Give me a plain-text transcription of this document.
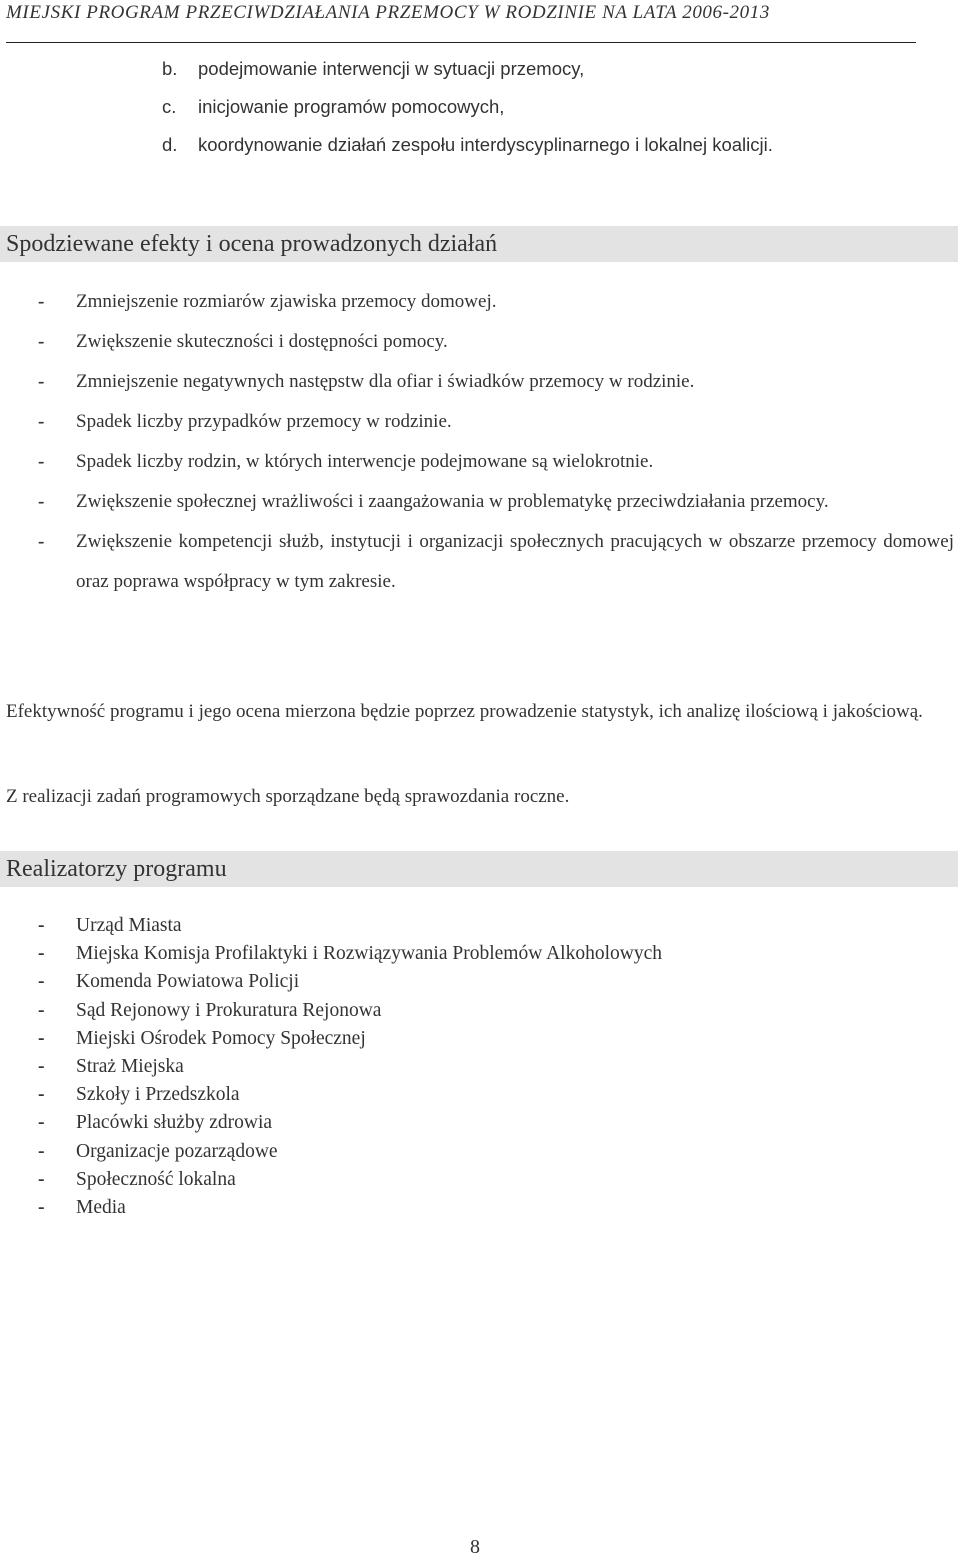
MIEJSKI PROGRAM PRZECIWDZIAŁANIA PRZEMOCY W RODZINIE NA LATA 2006-2013
b.	podejmowanie interwencji w sytuacji przemocy,
c.	inicjowanie programów pomocowych,
d.	koordynowanie działań zespołu interdyscyplinarnego i lokalnej koalicji.
Spodziewane efekty i ocena prowadzonych działań
-	Zmniejszenie rozmiarów zjawiska przemocy domowej.
-	Zwiększenie skuteczności i dostępności pomocy.
-	Zmniejszenie negatywnych następstw dla ofiar i świadków przemocy w rodzinie.
-	Spadek liczby przypadków przemocy w rodzinie.
-	Spadek liczby rodzin, w których interwencje podejmowane są wielokrotnie.
-	Zwiększenie społecznej wrażliwości i zaangażowania w problematykę przeciwdziałania przemocy.
-	Zwiększenie kompetencji służb, instytucji i organizacji społecznych pracujących w obszarze przemocy domowej oraz poprawa współpracy w tym zakresie.

Efektywność programu i jego ocena mierzona będzie poprzez prowadzenie statystyk, ich analizę ilościową i jakościową.

Z realizacji zadań programowych sporządzane będą sprawozdania roczne.

Realizatorzy programu
-	Urząd Miasta
-	Miejska Komisja Profilaktyki i Rozwiązywania Problemów Alkoholowych
-	Komenda Powiatowa Policji
-	Sąd Rejonowy i Prokuratura Rejonowa
-	Miejski Ośrodek Pomocy Społecznej
-	Straż Miejska
-	Szkoły i Przedszkola
-	Placówki służby zdrowia
-	Organizacje pozarządowe
-	Społeczność lokalna
-	Media
8
